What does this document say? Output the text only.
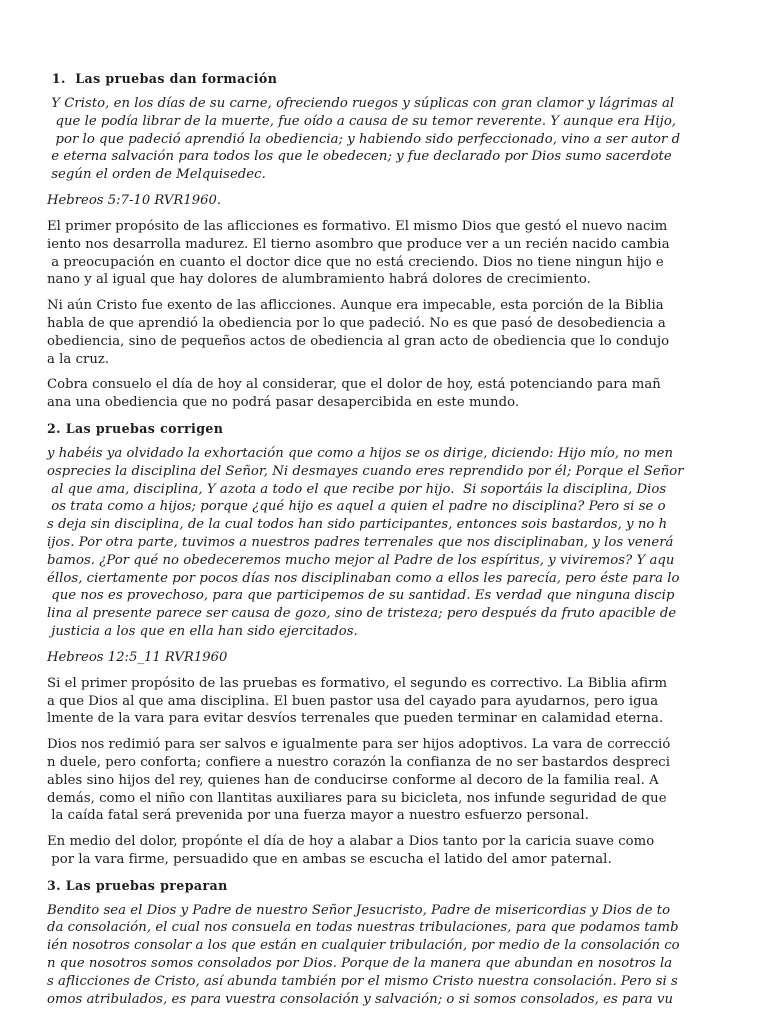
1.  Las pruebas dan formación
Y Cristo, en los días de su carne, ofreciendo ruegos y súplicas con gran clamor y lágrimas al
que le podía librar de la muerte, fue oído a causa de su temor reverente. Y aunque era Hijo,
por lo que padeció aprendió la obediencia; y habiendo sido perfeccionado, vino a ser autor d
e eterna salvación para todos los que le obedecen; y fue declarado por Dios sumo sacerdote
según el orden de Melquisedec.
Hebreos 5:7-10 RVR1960.
El primer propósito de las aflicciones es formativo. El mismo Dios que gestó el nuevo nacim
iento nos desarrolla madurez. El tierno asombro que produce ver a un recién nacido cambia
a preocupación en cuanto el doctor dice que no está creciendo. Dios no tiene ningun hijo e
nano y al igual que hay dolores de alumbramiento habrá dolores de crecimiento.
Ni aún Cristo fue exento de las aflicciones. Aunque era impecable, esta porción de la Biblia
habla de que aprendió la obediencia por lo que padeció. No es que pasó de desobediencia a
obediencia, sino de pequeños actos de obediencia al gran acto de obediencia que lo condujo
a la cruz.
Cobra consuelo el día de hoy al considerar, que el dolor de hoy, está potenciando para mañ
ana una obediencia que no podrá pasar desapercibida en este mundo.
2. Las pruebas corrigen
y habéis ya olvidado la exhortación que como a hijos se os dirige, diciendo: Hijo mío, no men
osprecies la disciplina del Señor, Ni desmayes cuando eres reprendido por él; Porque el Señor
al que ama, disciplina, Y azota a todo el que recibe por hijo.  Si soportáis la disciplina, Dios
os trata como a hijos; porque ¿qué hijo es aquel a quien el padre no disciplina? Pero si se o
s deja sin disciplina, de la cual todos han sido participantes, entonces sois bastardos, y no h
ijos. Por otra parte, tuvimos a nuestros padres terrenales que nos disciplinaban, y los venerá
bamos. ¿Por qué no obedeceremos mucho mejor al Padre de los espíritus, y viviremos? Y aqu
éllos, ciertamente por pocos días nos disciplinaban como a ellos les parecía, pero éste para lo
que nos es provechoso, para que participemos de su santidad. Es verdad que ninguna discip
lina al presente parece ser causa de gozo, sino de tristeza; pero después da fruto apacible de
justicia a los que en ella han sido ejercitados.
Hebreos 12:5_11 RVR1960
Si el primer propósito de las pruebas es formativo, el segundo es correctivo. La Biblia afirm
a que Dios al que ama disciplina. El buen pastor usa del cayado para ayudarnos, pero igua
lmente de la vara para evitar desvíos terrenales que pueden terminar en calamidad eterna.
Dios nos redimió para ser salvos e igualmente para ser hijos adoptivos. La vara de correcció
n duele, pero conforta; confiere a nuestro corazón la confianza de no ser bastardos despreci
ables sino hijos del rey, quienes han de conducirse conforme al decoro de la familia real. A
demás, como el niño con llantitas auxiliares para su bicicleta, nos infunde seguridad de que
la caída fatal será prevenida por una fuerza mayor a nuestro esfuerzo personal.
En medio del dolor, propónte el día de hoy a alabar a Dios tanto por la caricia suave como
por la vara firme, persuadido que en ambas se escucha el latido del amor paternal.
3. Las pruebas preparan
Bendito sea el Dios y Padre de nuestro Señor Jesucristo, Padre de misericordias y Dios de to
da consolación, el cual nos consuela en todas nuestras tribulaciones, para que podamos tamb
ién nosotros consolar a los que están en cualquier tribulación, por medio de la consolación co
n que nosotros somos consolados por Dios. Porque de la manera que abundan en nosotros la
s aflicciones de Cristo, así abunda también por el mismo Cristo nuestra consolación. Pero si s
omos atribulados, es para vuestra consolación y salvación; o si somos consolados, es para vu
